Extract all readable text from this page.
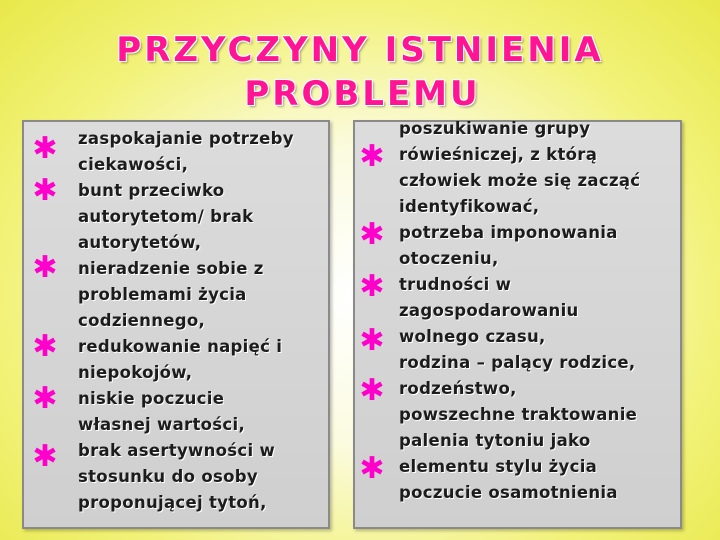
PRZYCZYNY ISTNIENIA
PROBLEMU
✱
✱
✱
✱
✱
✱
zaspokajanie potrzeby
ciekawości,
bunt przeciwko
autorytetom/ brak
autorytetów,
nieradzenie sobie z
problemami życia
codziennego,
redukowanie napięć i
niepokojów,
niskie poczucie
własnej wartości,
brak asertywności w
stosunku do osoby
proponującej tytoń,
✱
✱
✱
✱
✱
✱
poszukiwanie grupy
rówieśniczej, z którą
człowiek może się zacząć
identyfikować,
potrzeba imponowania
otoczeniu,
trudności w
zagospodarowaniu
wolnego czasu,
rodzina – palący rodzice,
rodzeństwo,
powszechne traktowanie
palenia tytoniu jako
elementu stylu życia
poczucie osamotnienia
